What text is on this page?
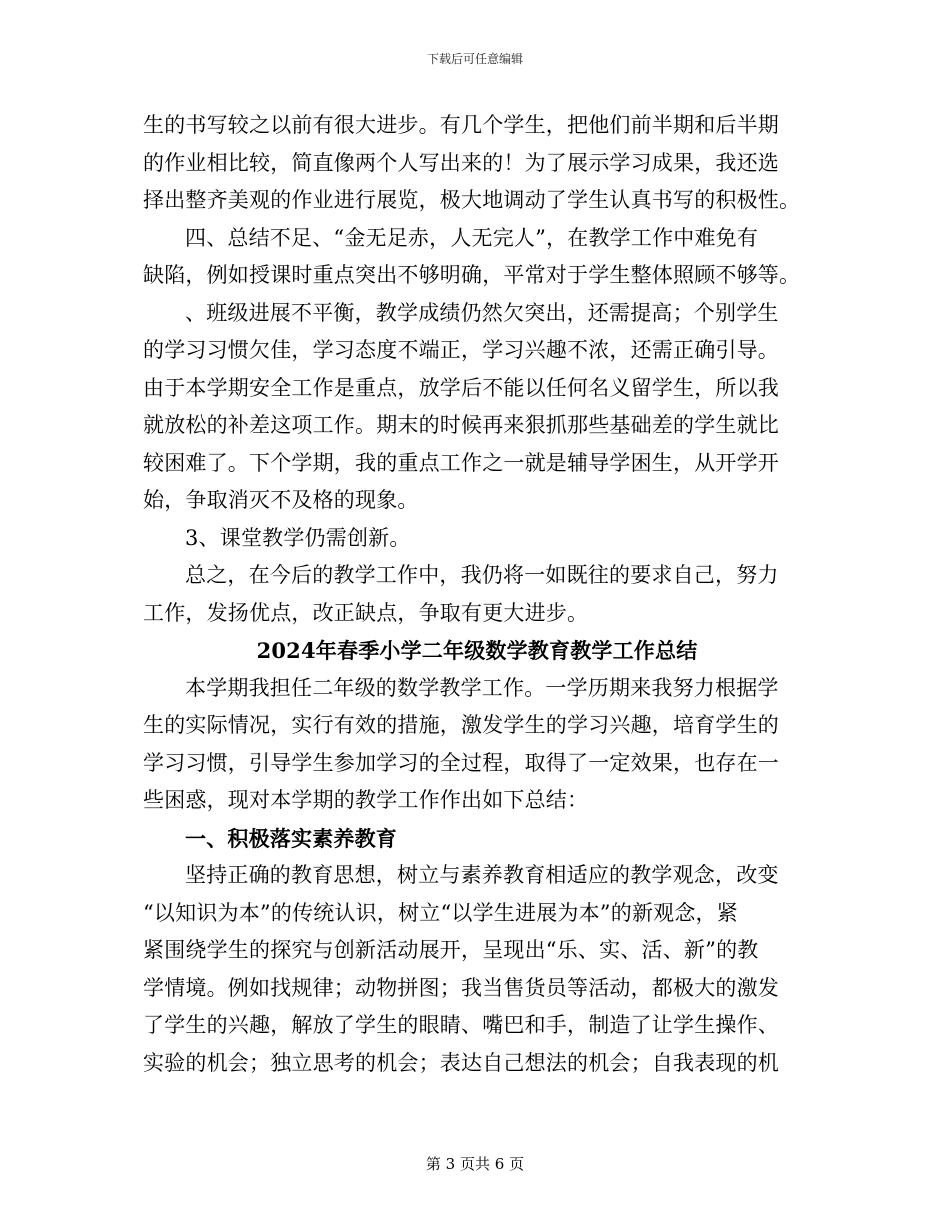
下载后可任意编辑
生的书写较之以前有很大进步。有几个学生，把他们前半期和后半期
的作业相比较，简直像两个人写出来的！为了展示学习成果，我还选
择出整齐美观的作业进行展览，极大地调动了学生认真书写的积极性。
四、总结不足、“金无足赤，人无完人”，在教学工作中难免有
缺陷，例如授课时重点突出不够明确，平常对于学生整体照顾不够等。
、班级进展不平衡，教学成绩仍然欠突出，还需提高；个别学生
的学习习惯欠佳，学习态度不端正，学习兴趣不浓，还需正确引导。
由于本学期安全工作是重点，放学后不能以任何名义留学生，所以我
就放松的补差这项工作。期末的时候再来狠抓那些基础差的学生就比
较困难了。下个学期，我的重点工作之一就是辅导学困生，从开学开
始，争取消灭不及格的现象。
3、课堂教学仍需创新。
总之，在今后的教学工作中，我仍将一如既往的要求自己，努力
工作，发扬优点，改正缺点，争取有更大进步。
2024年春季小学二年级数学教育教学工作总结
本学期我担任二年级的数学教学工作。一学历期来我努力根据学
生的实际情况，实行有效的措施，激发学生的学习兴趣，培育学生的
学习习惯，引导学生参加学习的全过程，取得了一定效果，也存在一
些困惑，现对本学期的教学工作作出如下总结：
一、积极落实素养教育
坚持正确的教育思想，树立与素养教育相适应的教学观念，改变
“以知识为本”的传统认识，树立“以学生进展为本”的新观念，紧
紧围绕学生的探究与创新活动展开，呈现出“乐、实、活、新”的教
学情境。例如找规律；动物拼图；我当售货员等活动，都极大的激发
了学生的兴趣，解放了学生的眼睛、嘴巴和手，制造了让学生操作、
实验的机会；独立思考的机会；表达自己想法的机会；自我表现的机
第 3 页共 6 页
